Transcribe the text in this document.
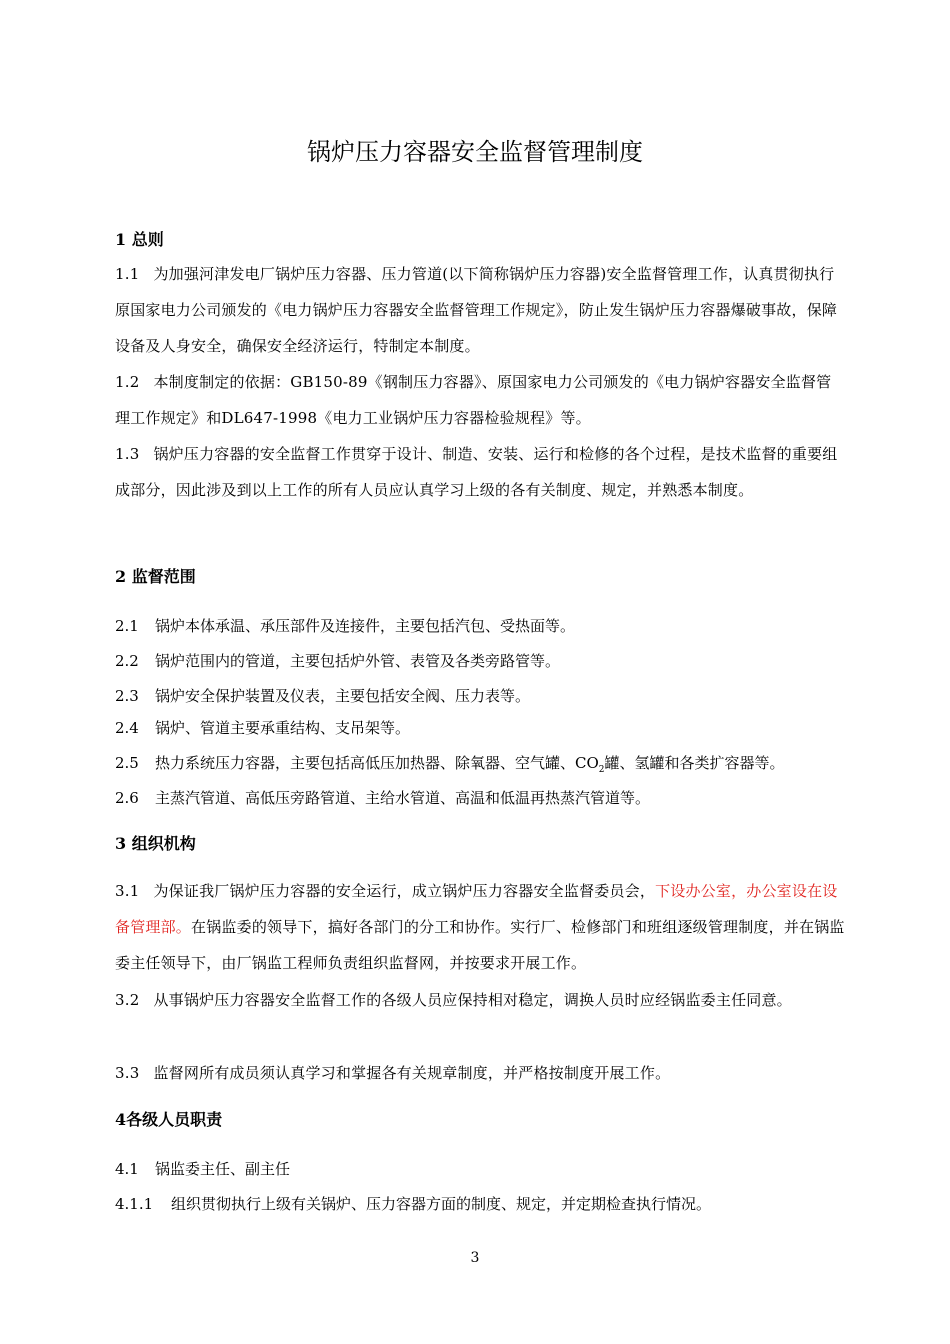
锅炉压力容器安全监督管理制度
1 总则
1.1 为加强河津发电厂锅炉压力容器、压力管道(以下简称锅炉压力容器)安全监督管理工作，认真贯彻执行原国家电力公司颁发的《电力锅炉压力容器安全监督管理工作规定》，防止发生锅炉压力容器爆破事故，保障设备及人身安全，确保安全经济运行，特制定本制度。
1.2 本制度制定的依据：GB150-89《钢制压力容器》、原国家电力公司颁发的《电力锅炉容器安全监督管理工作规定》和DL647-1998《电力工业锅炉压力容器检验规程》等。
1.3 锅炉压力容器的安全监督工作贯穿于设计、制造、安装、运行和检修的各个过程，是技术监督的重要组成部分，因此涉及到以上工作的所有人员应认真学习上级的各有关制度、规定，并熟悉本制度。
2 监督范围
2.1 锅炉本体承温、承压部件及连接件，主要包括汽包、受热面等。
2.2 锅炉范围内的管道，主要包括炉外管、表管及各类旁路管等。
2.3 锅炉安全保护装置及仪表，主要包括安全阀、压力表等。
2.4 锅炉、管道主要承重结构、支吊架等。
2.5 热力系统压力容器，主要包括高低压加热器、除氧器、空气罐、$CO_2$罐、氢罐和各类扩容器等。
2.6 主蒸汽管道、高低压旁路管道、主给水管道、高温和低温再热蒸汽管道等。
3 组织机构
3.1 为保证我厂锅炉压力容器的安全运行，成立锅炉压力容器安全监督委员会，下设办公室，办公室设在设备管理部。在锅监委的领导下，搞好各部门的分工和协作。实行厂、检修部门和班组逐级管理制度，并在锅监委主任领导下，由厂锅监工程师负责组织监督网，并按要求开展工作。
3.2 从事锅炉压力容器安全监督工作的各级人员应保持相对稳定，调换人员时应经锅监委主任同意。
3.3 监督网所有成员须认真学习和掌握各有关规章制度，并严格按制度开展工作。
4各级人员职责
4.1 锅监委主任、副主任
4.1.1 组织贯彻执行上级有关锅炉、压力容器方面的制度、规定，并定期检查执行情况。
3
